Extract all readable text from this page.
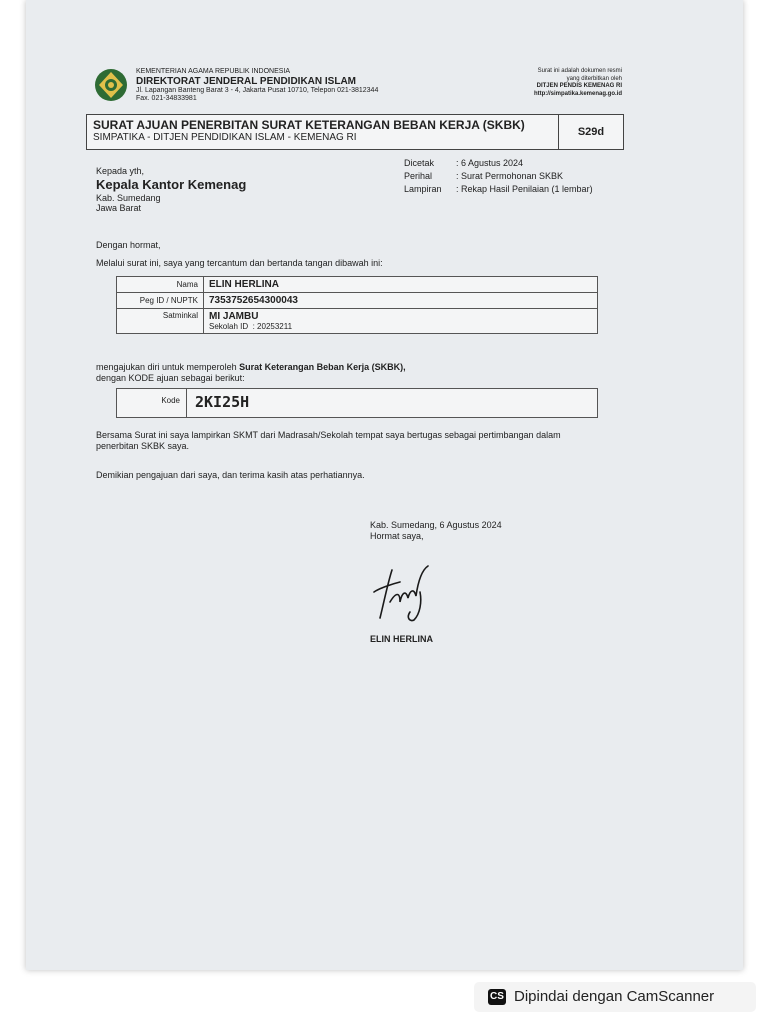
KEMENTERIAN AGAMA REPUBLIK INDONESIA
DIREKTORAT JENDERAL PENDIDIKAN ISLAM
Jl. Lapangan Banteng Barat 3 - 4, Jakarta Pusat 10710, Telepon 021-3812344
Fax. 021-34833981
Surat ini adalah dokumen resmi
yang diterbitkan oleh
DITJEN PENDIS KEMENAG RI
http://simpatika.kemenag.go.id
SURAT AJUAN PENERBITAN SURAT KETERANGAN BEBAN KERJA (SKBK)
SIMPATIKA - DITJEN PENDIDIKAN ISLAM - KEMENAG RI	S29d
Kepada yth,
Kepala Kantor Kemenag
Kab. Sumedang
Jawa Barat
Dicetak	: 6 Agustus 2024
Perihal	: Surat Permohonan SKBK
Lampiran	: Rekap Hasil Penilaian (1 lembar)
Dengan hormat,
Melalui surat ini, saya yang tercantum dan bertanda tangan dibawah ini:
Nama	ELIN HERLINA
Peg ID / NUPTK	7353752654300043
Satminkal	MI JAMBU
Sekolah ID : 20253211
mengajukan diri untuk memperoleh Surat Keterangan Beban Kerja (SKBK),
dengan KODE ajuan sebagai berikut:
Kode	2KI25H
Bersama Surat ini saya lampirkan SKMT dari Madrasah/Sekolah tempat saya bertugas sebagai pertimbangan dalam
penerbitan SKBK saya.
Demikian pengajuan dari saya, dan terima kasih atas perhatiannya.
Kab. Sumedang, 6 Agustus 2024
Hormat saya,
ELIN HERLINA
CS Dipindai dengan CamScanner
